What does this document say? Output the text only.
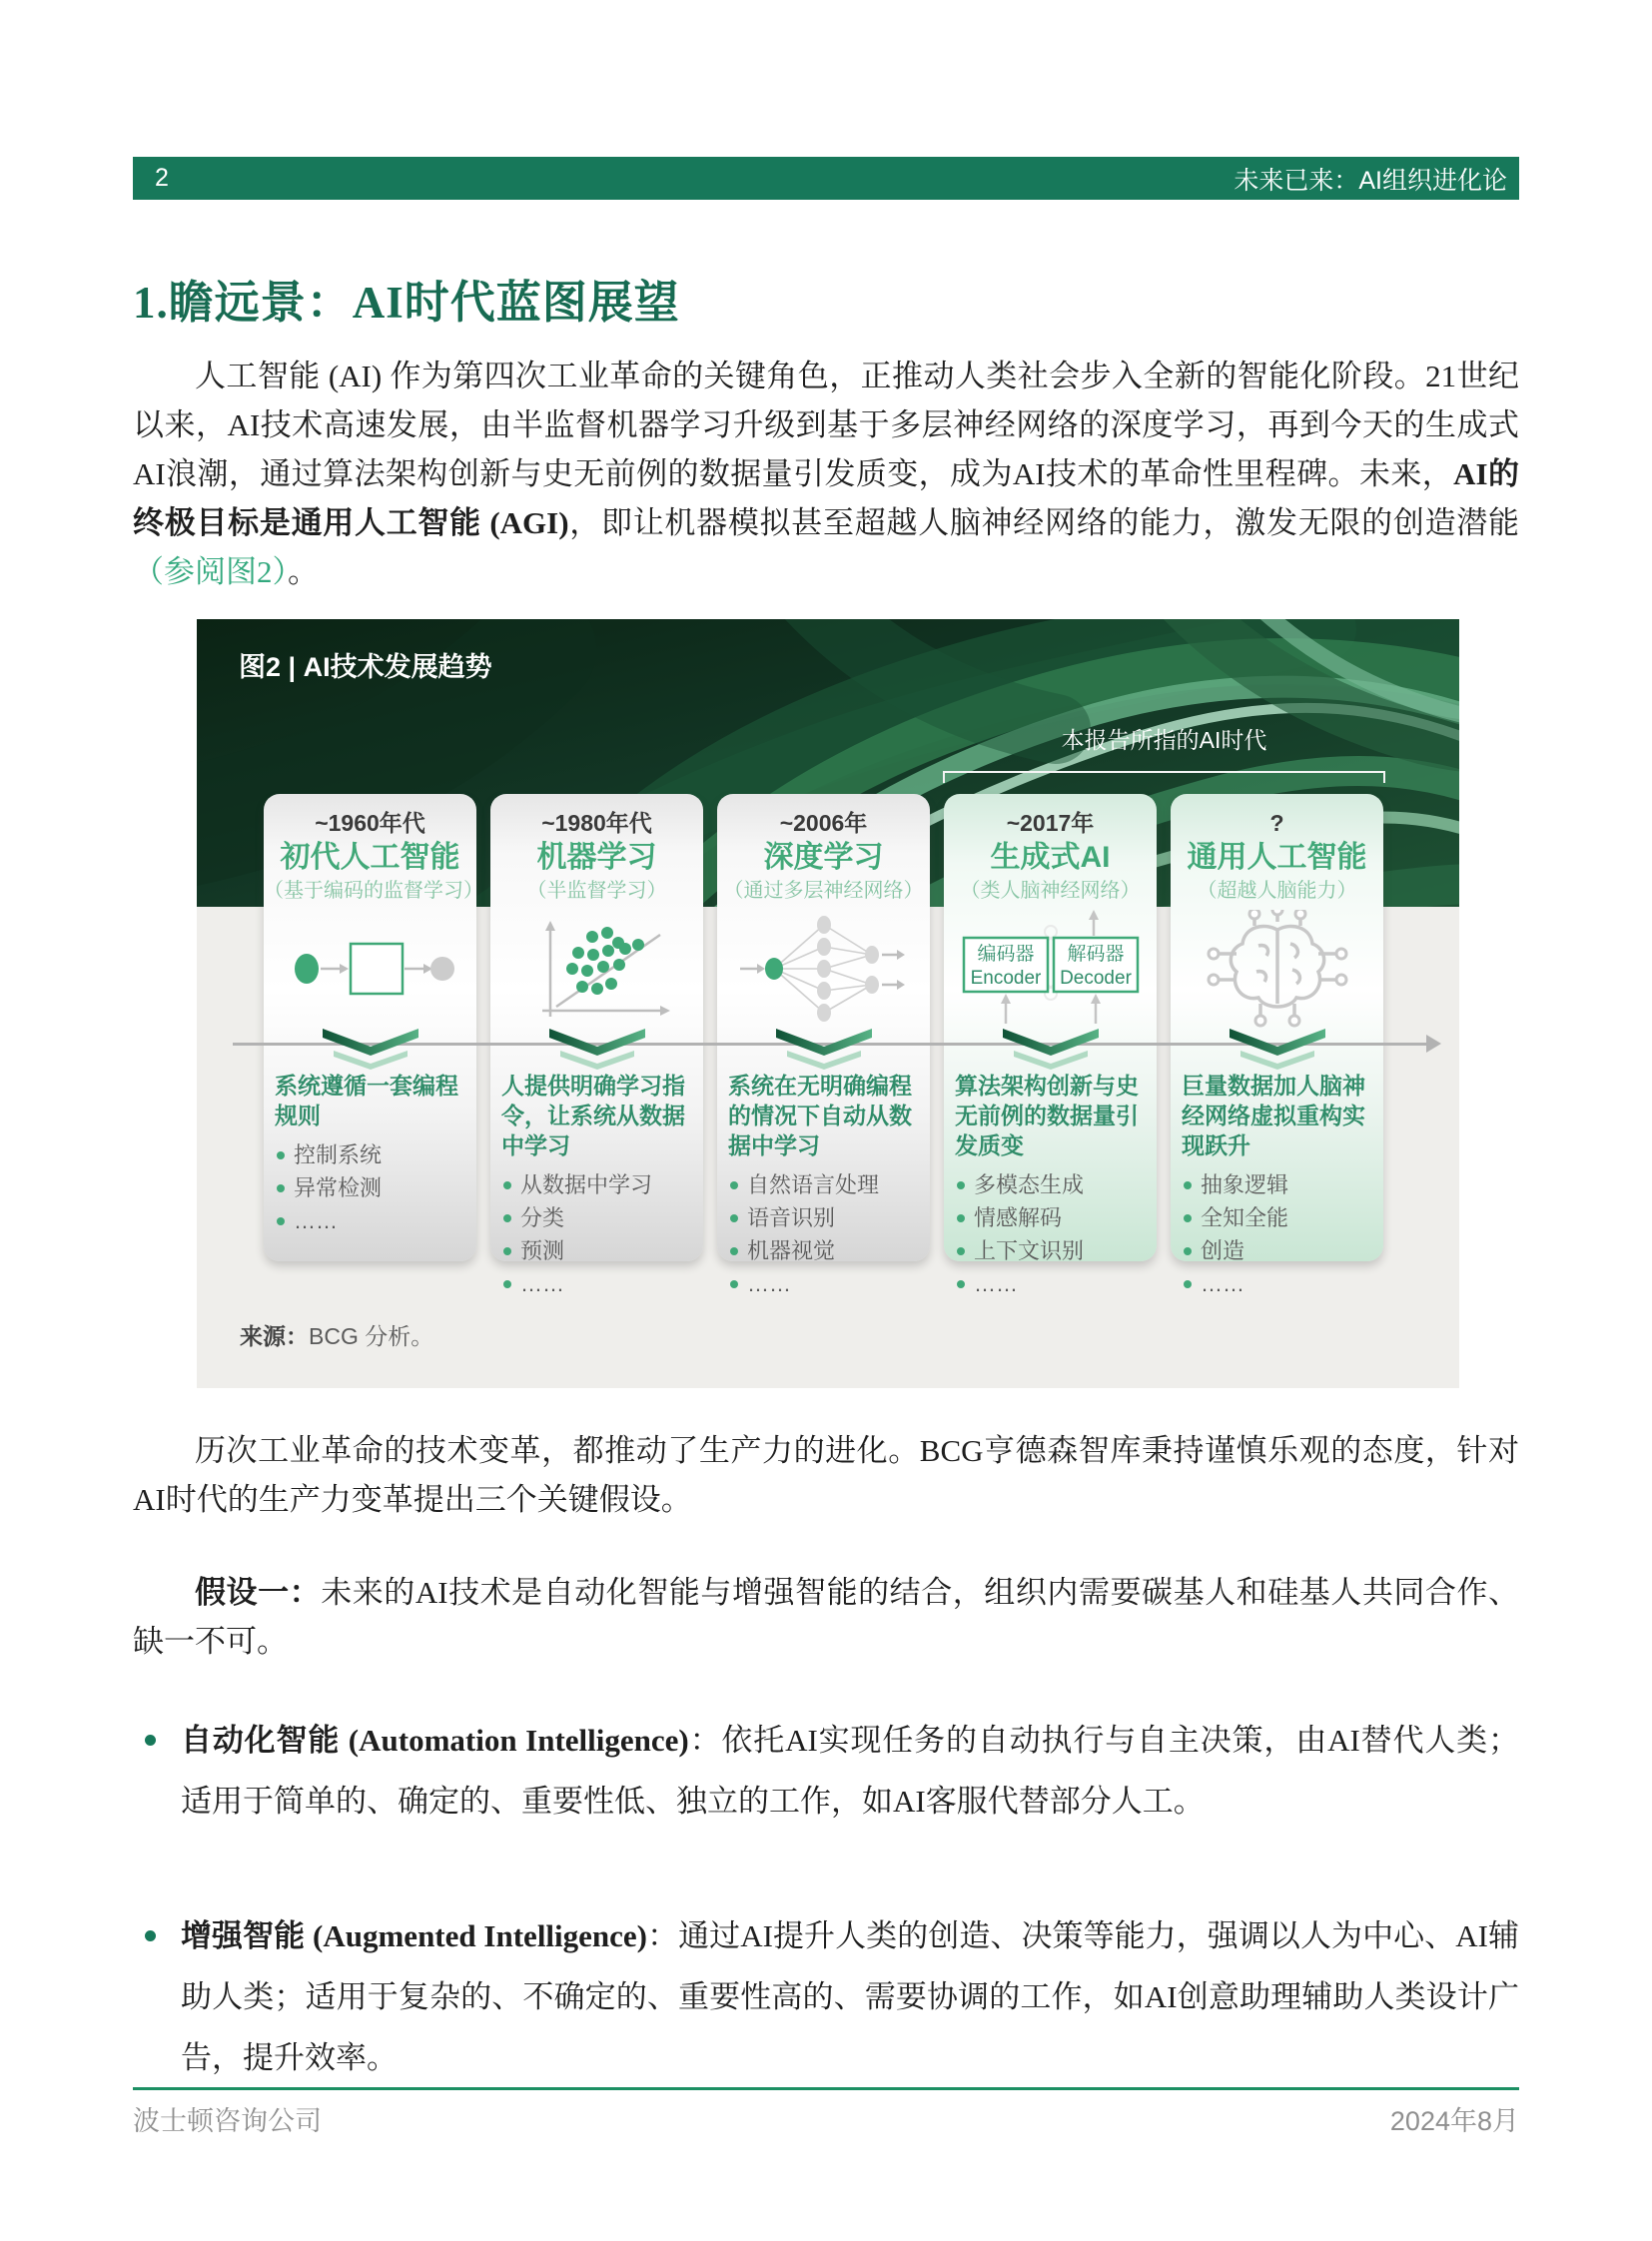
2	未来已来：AI组织进化论
1.瞻远景：AI时代蓝图展望

人工智能 (AI) 作为第四次工业革命的关键角色，正推动人类社会步入全新的智能化阶段。21世纪以来，AI技术高速发展，由半监督机器学习升级到基于多层神经网络的深度学习，再到今天的生成式AI浪潮，通过算法架构创新与史无前例的数据量引发质变，成为AI技术的革命性里程碑。未来，AI的终极目标是通用人工智能 (AGI)，即让机器模拟甚至超越人脑神经网络的能力，激发无限的创造潜能（参阅图2）。

图2 | AI技术发展趋势
本报告所指的AI时代
~1960年代
初代人工智能
（基于编码的监督学习）
系统遵循一套编程规则
控制系统
异常检测
……
~1980年代
机器学习
（半监督学习）
人提供明确学习指令，让系统从数据中学习
从数据中学习
分类
预测
……
~2006年
深度学习
（通过多层神经网络）
系统在无明确编程的情况下自动从数据中学习
自然语言处理
语音识别
机器视觉
……
~2017年
生成式AI
（类人脑神经网络）
编码器
Encoder
解码器
Decoder
算法架构创新与史无前例的数据量引发质变
多模态生成
情感解码
上下文识别
……
?
通用人工智能
（超越人脑能力）
巨量数据加人脑神经网络虚拟重构实现跃升
抽象逻辑
全知全能
创造
……
来源：BCG 分析。

历次工业革命的技术变革，都推动了生产力的进化。BCG亨德森智库秉持谨慎乐观的态度，针对AI时代的生产力变革提出三个关键假设。

假设一：未来的AI技术是自动化智能与增强智能的结合，组织内需要碳基人和硅基人共同合作、缺一不可。

自动化智能 (Automation Intelligence)：依托AI实现任务的自动执行与自主决策，由AI替代人类；适用于简单的、确定的、重要性低、独立的工作，如AI客服代替部分人工。

增强智能 (Augmented Intelligence)：通过AI提升人类的创造、决策等能力，强调以人为中心、AI辅助人类；适用于复杂的、不确定的、重要性高的、需要协调的工作，如AI创意助理辅助人类设计广告，提升效率。

波士顿咨询公司	2024年8月
